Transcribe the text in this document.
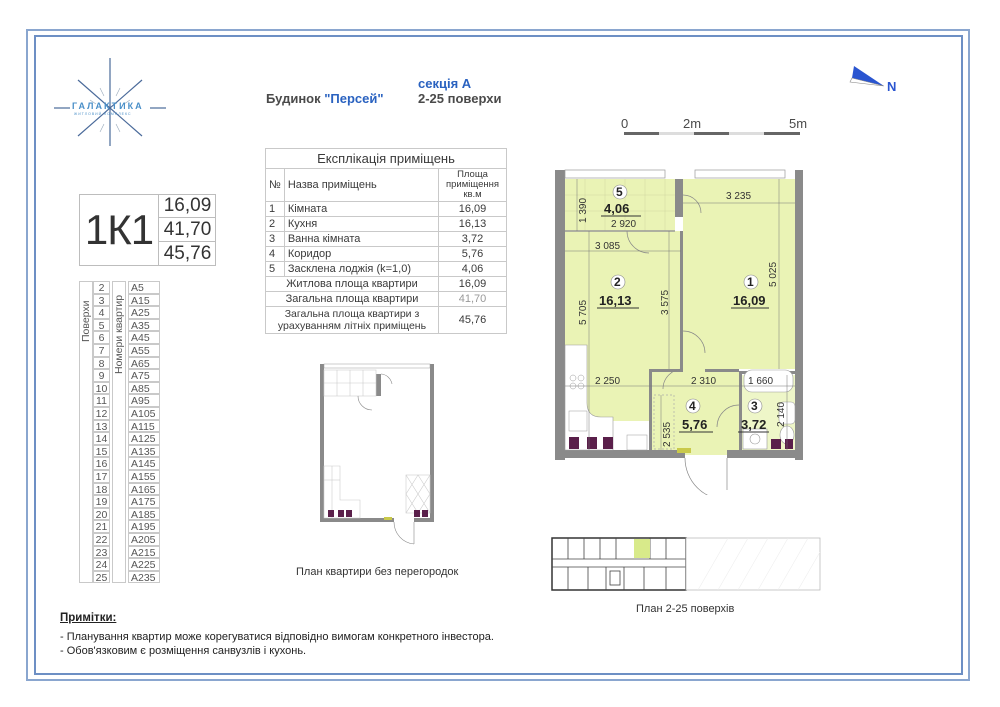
ГАЛАКТИКА
ЖИТЛОВИЙ КОМПЛЕКС
Будинок "Персей"
секція А
2-25 поверхи
0	2m	5m
N
Експлікація приміщень		
№	Назва приміщень	Площа приміщення кв.м
1	Кімната	16,09
2	Кухня	16,13
3	Ванна кімната	3,72
4	Коридор	5,76
5	Засклена лоджія (k=1,0)	4,06
Житлова площа квартири		16,09
Загальна площа квартири		41,70
Загальна площа квартири з урахуванням літніх приміщень		45,76
1К1
16,09
41,70
45,76
Поверхи Номери квартир
2	А5
3	А15
4	А25
5	А35
6	А45
7	А55
8	А65
9	А75
10 А85
11 А95
12 А105
13 А115
14 А125
15 А135
16 А145
17 А155
18 А165
19 А175
20 А185
21 А195
22 А205
23 А215
24 А225
25 А235
3 235
3 085
2 250	2 310	1 660
2 920
1 390
5 025
5 705	3 575
2 140
2 535
5
2	1
4	3
4,06
16,13	16,09
5,76	3,72
План квартири без перегородок
План 2-25 поверхів
Примітки:
- Планування квартир може корегуватися відповідно вимогам конкретного інвестора.
- Обов'язковим є розміщення санвузлів і кухонь.
